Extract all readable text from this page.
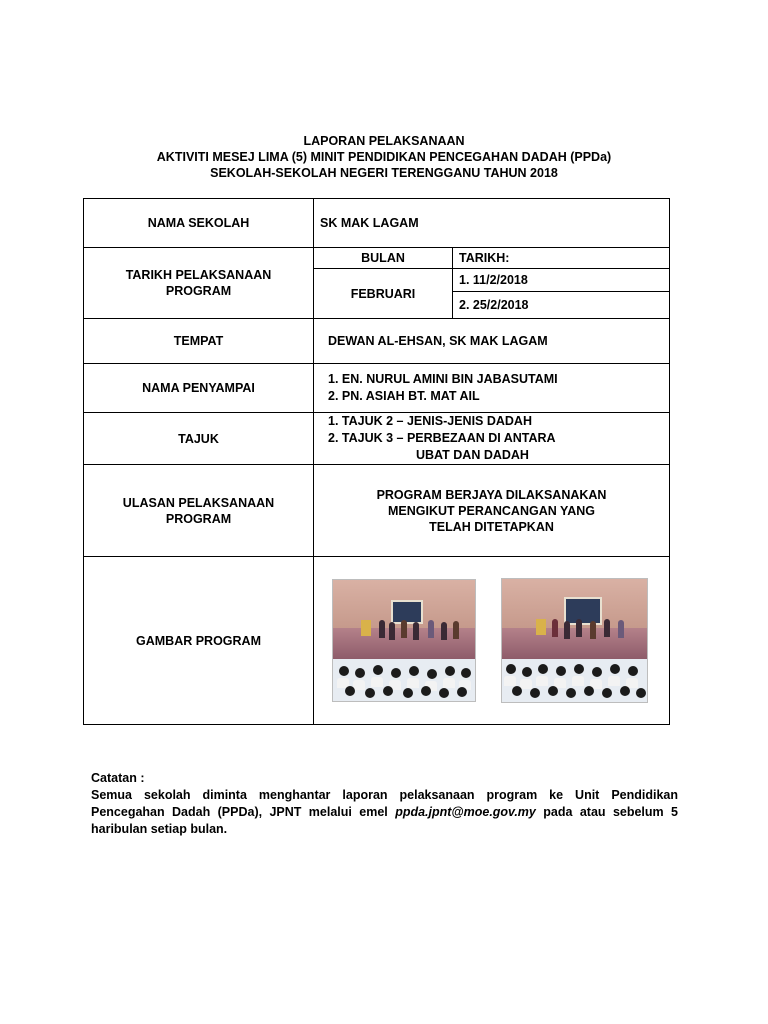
LAPORAN PELAKSANAAN
AKTIVITI MESEJ LIMA (5) MINIT PENDIDIKAN PENCEGAHAN DADAH (PPDa)
SEKOLAH-SEKOLAH NEGERI TERENGGANU TAHUN 2018
NAMA SEKOLAH	SK MAK LAGAM	

TARIKH PELAKSANAAN
PROGRAM	BULAN	TARIKH:
	FEBRUARI	1. 11/2/2018
		2. 25/2/2018
TEMPAT	DEWAN AL-EHSAN, SK MAK LAGAM	
NAMA PENYAMPAI	1. EN. NURUL AMINI BIN JABASUTAMI
2. PN. ASIAH BT. MAT AIL	

TAJUK	1. TAJUK 2 – JENIS-JENIS DADAH
2. TAJUK 3 – PERBEZAAN DI ANTARA
UBAT DAN DADAH	

ULASAN PELAKSANAAN
PROGRAM	PROGRAM BERJAYA DILAKSANAKAN
MENGIKUT PERANCANGAN YANG
TELAH DITETAPKAN	

GAMBAR PROGRAM		
Catatan :
Semua sekolah diminta menghantar laporan pelaksanaan program ke Unit Pendidikan Pencegahan Dadah (PPDa), JPNT melalui emel ppda.jpnt@moe.gov.my pada atau sebelum 5 haribulan setiap bulan.
